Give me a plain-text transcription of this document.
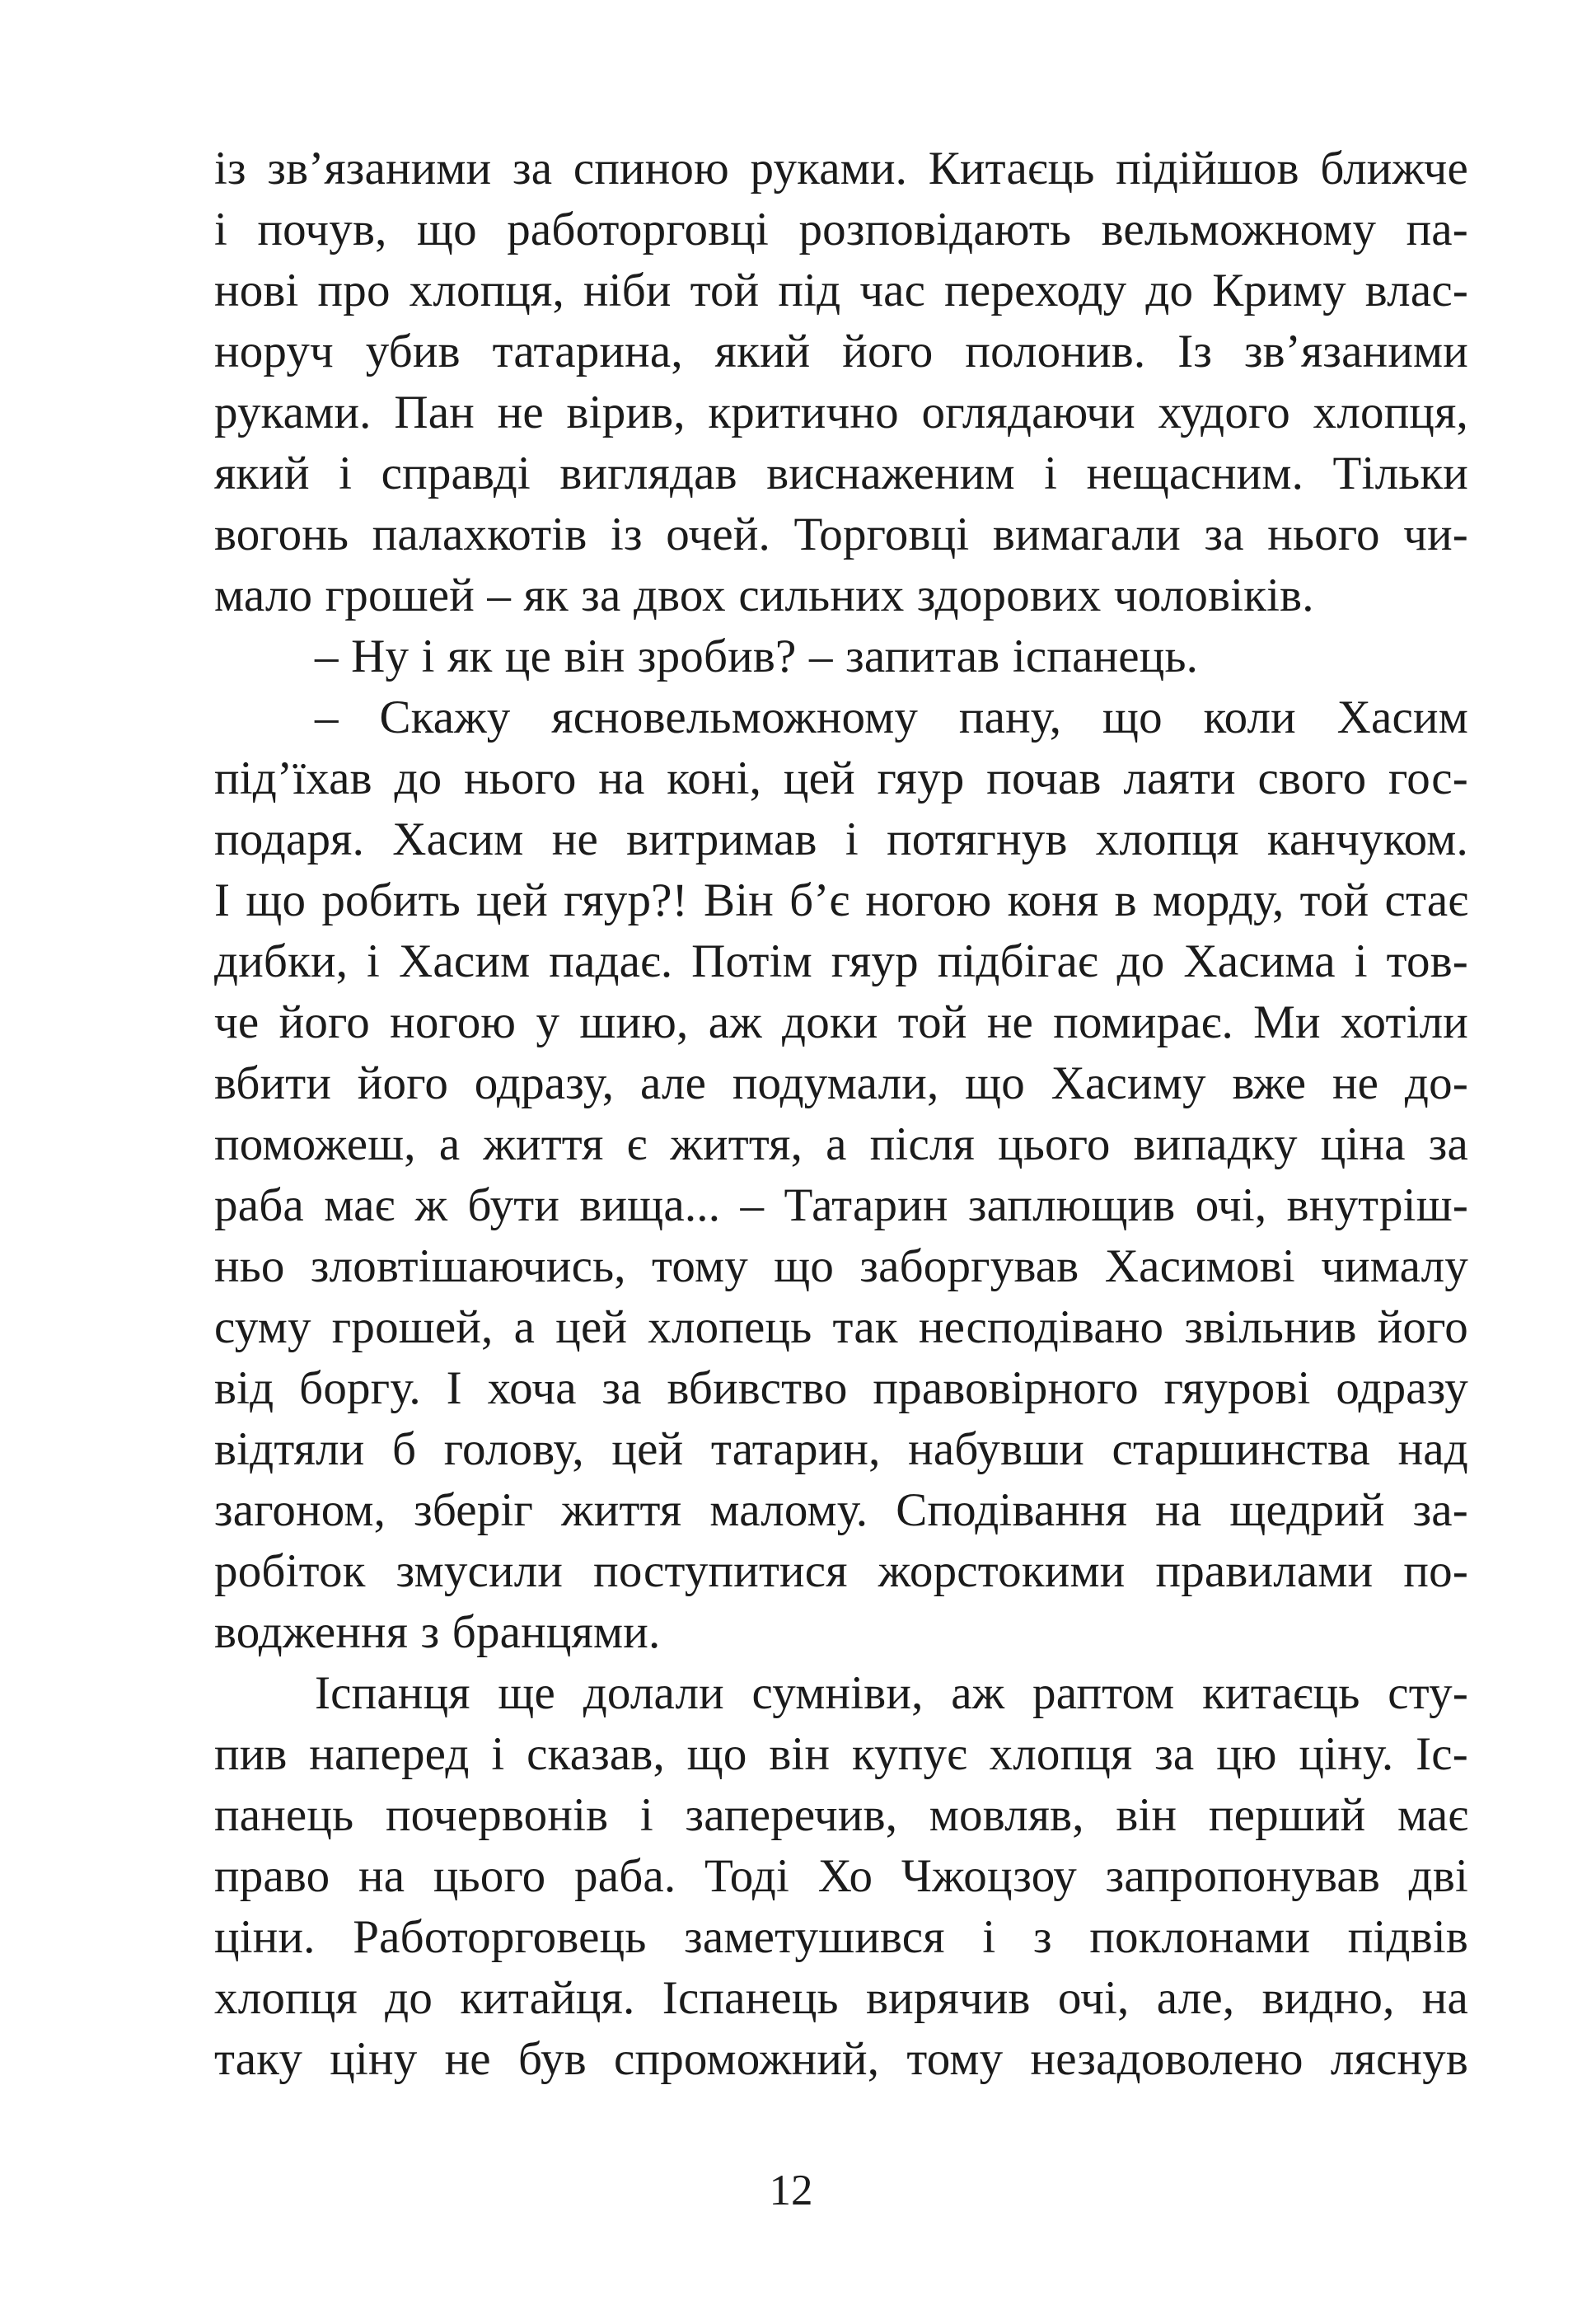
із зв’язаними за спиною руками. Китаєць підійшов ближче

і почув, що работорговці розповідають вельможному па-

нові про хлопця, ніби той під час переходу до Криму влас-

норуч убив татарина, який його полонив. Із зв’язаними

руками. Пан не вірив, критично оглядаючи худого хлопця,

який і справді виглядав виснаженим і нещасним. Тільки

вогонь палахкотів із очей. Торговці вимагали за нього чи-

мало грошей – як за двох сильних здорових чоловіків.

– Ну і як це він зробив? – запитав іспанець.

– Скажу ясновельможному пану, що коли Хасим

під’їхав до нього на коні, цей гяур почав лаяти свого гос-

подаря. Хасим не витримав і потягнув хлопця канчуком.

І що робить цей гяур?! Він б’є ногою коня в морду, той стає

дибки, і Хасим падає. Потім гяур підбігає до Хасима і тов-

че його ногою у шию, аж доки той не помирає. Ми хотіли

вбити його одразу, але подумали, що Хасиму вже не до-

поможеш, а життя є життя, а після цього випадку ціна за

раба має ж бути вища... – Татарин заплющив очі, внутріш-

ньо зловтішаючись, тому що заборгував Хасимові чималу

суму грошей, а цей хлопець так несподівано звільнив його

від боргу. І хоча за вбивство правовірного гяурові одразу

відтяли б голову, цей татарин, набувши старшинства над

загоном, зберіг життя малому. Сподівання на щедрий за-

робіток змусили поступитися жорстокими правилами по-

водження з бранцями.

Іспанця ще долали сумніви, аж раптом китаєць сту-

пив наперед і сказав, що він купує хлопця за цю ціну. Іс-

панець почервонів і заперечив, мовляв, він перший має

право на цього раба. Тоді Хо Чжоцзоу запропонував дві

ціни. Работорговець заметушився і з поклонами підвів

хлопця до китайця. Іспанець вирячив очі, але, видно, на

таку ціну не був спроможний, тому незадоволено ляснув

12
